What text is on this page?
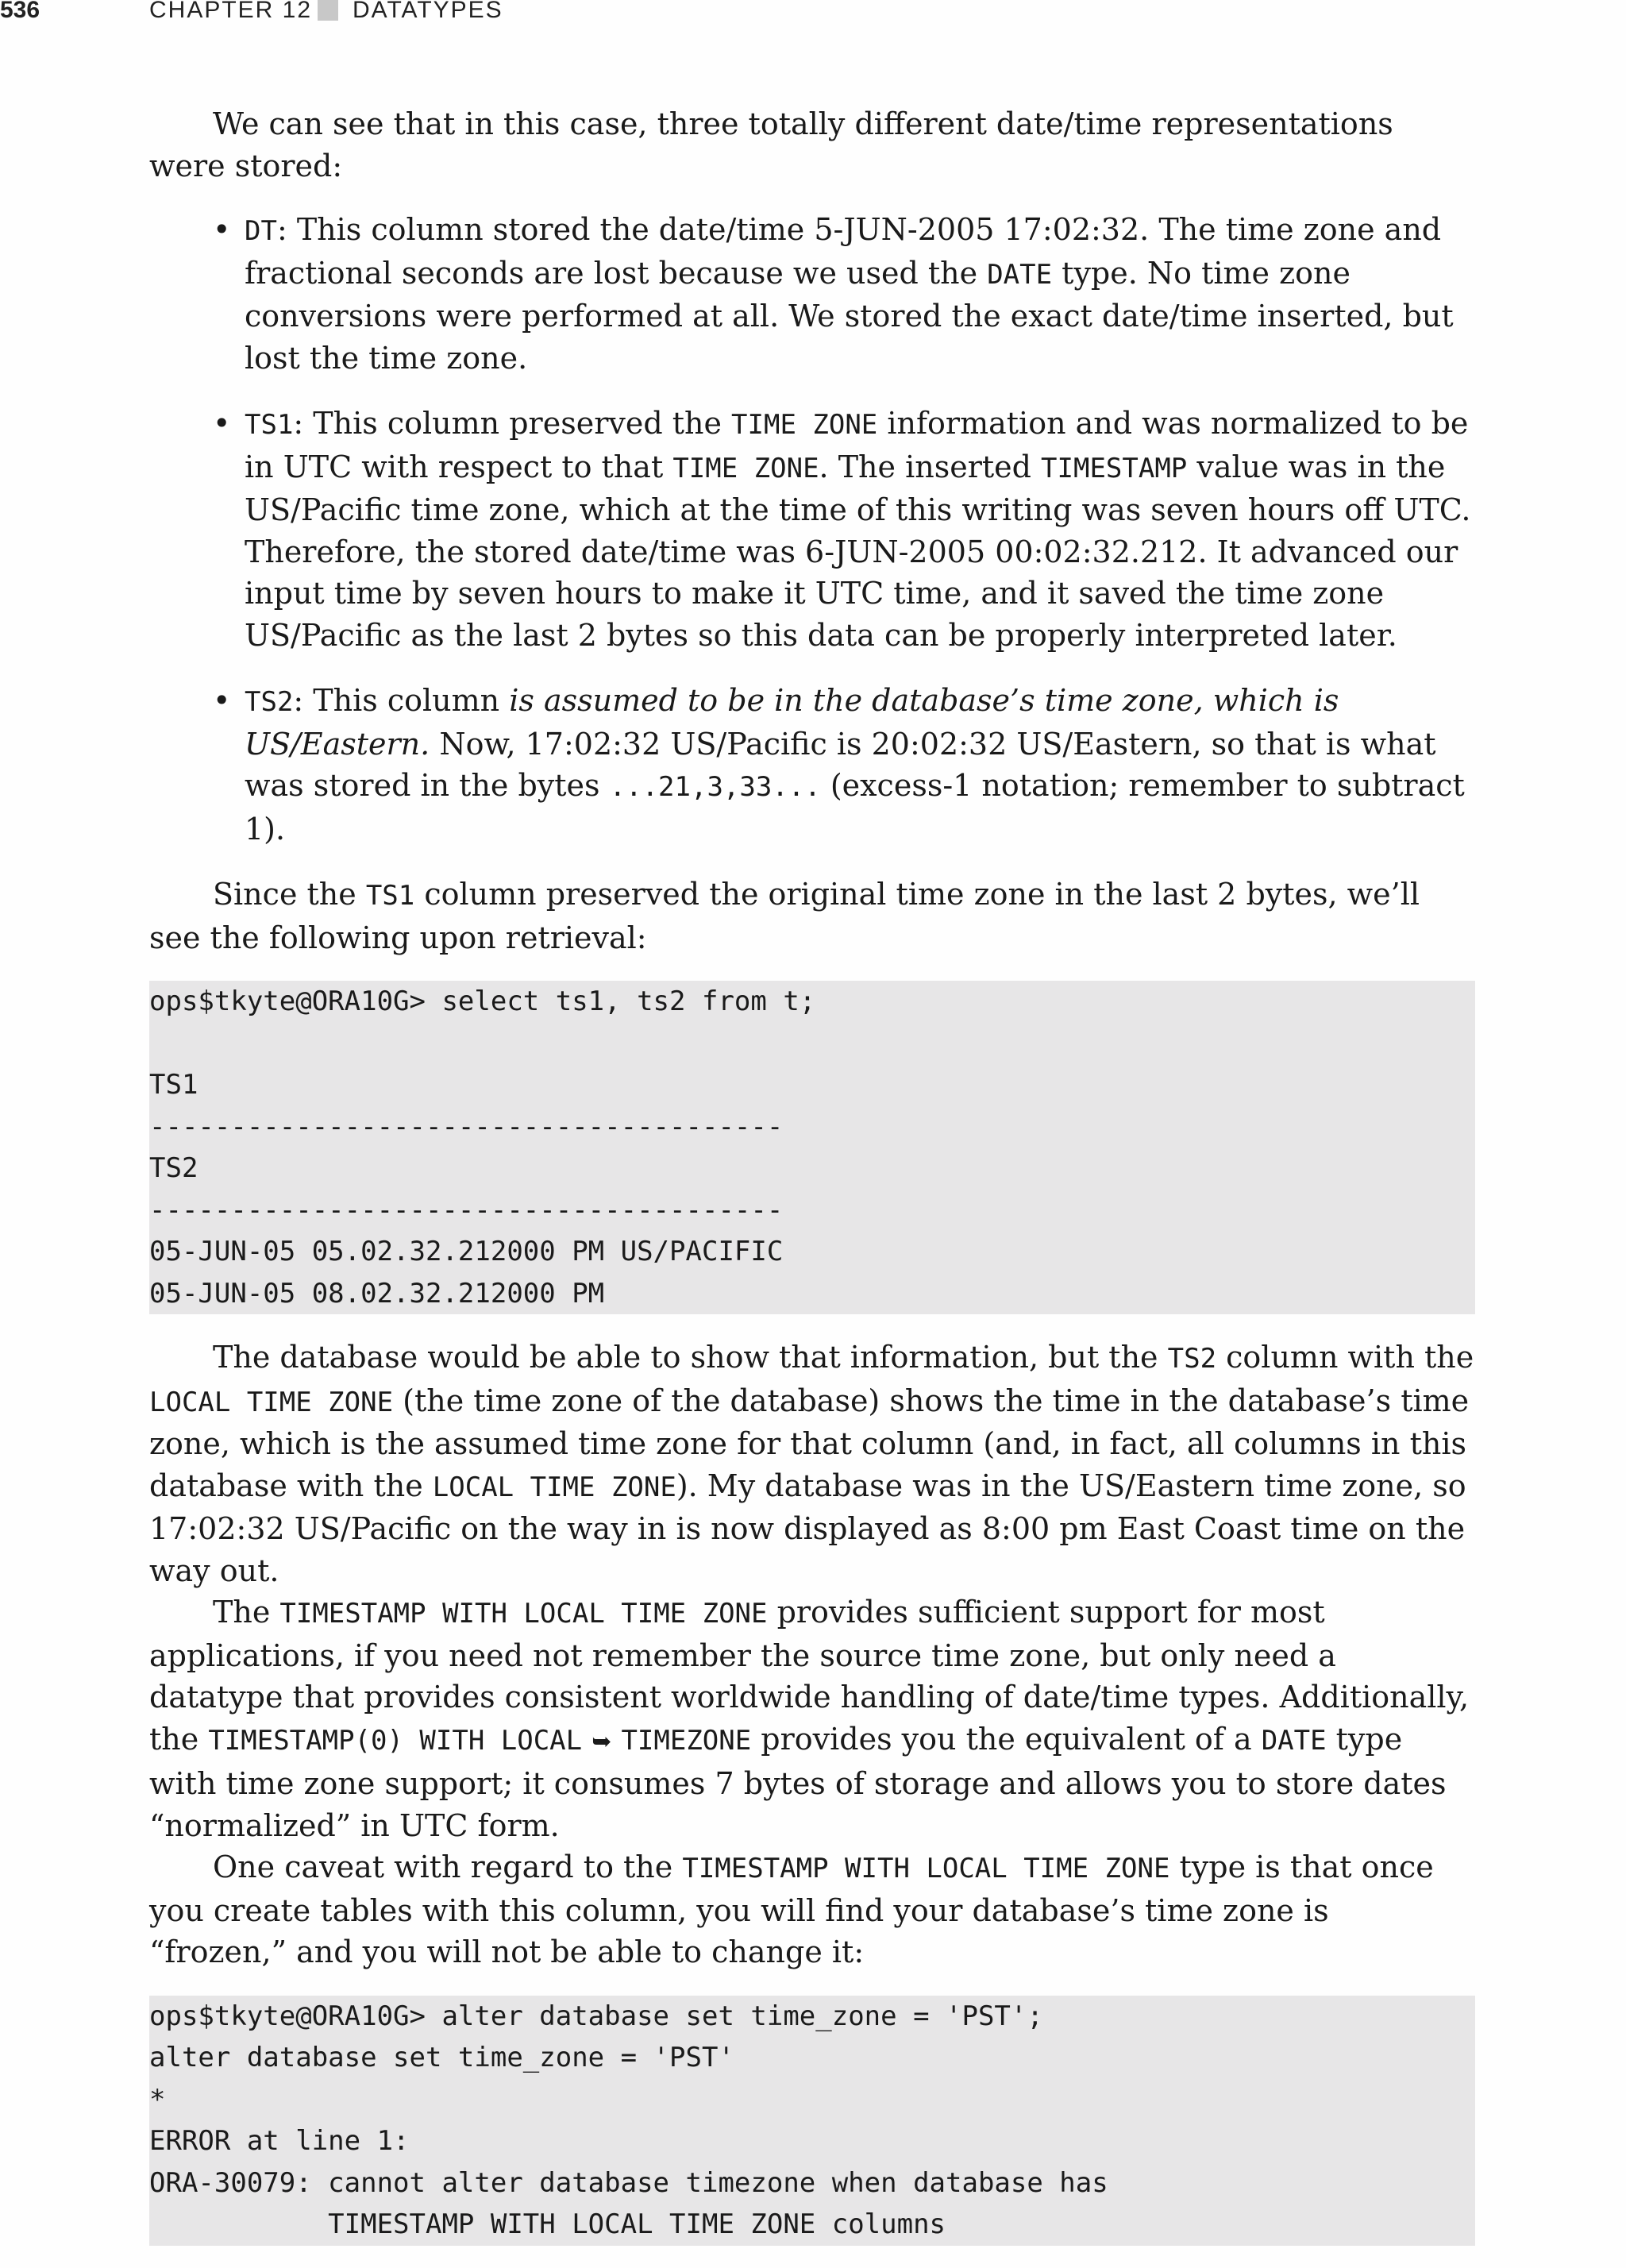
536	CHAPTER 12 DATATYPES

We can see that in this case, three totally different date/time representations were stored:

• DT: This column stored the date/time 5-JUN-2005 17:02:32. The time zone and fractional seconds are lost because we used the DATE type. No time zone conversions were performed at all. We stored the exact date/time inserted, but lost the time zone.
• TS1: This column preserved the TIME ZONE information and was normalized to be in UTC with respect to that TIME ZONE. The inserted TIMESTAMP value was in the US/Pacific time zone, which at the time of this writing was seven hours off UTC. Therefore, the stored date/time was 6-JUN-2005 00:02:32.212. It advanced our input time by seven hours to make it UTC time, and it saved the time zone US/Pacific as the last 2 bytes so this data can be properly interpreted later.
• TS2: This column is assumed to be in the database’s time zone, which is US/Eastern. Now, 17:02:32 US/Pacific is 20:02:32 US/Eastern, so that is what was stored in the bytes ...21,3,33... (excess-1 notation; remember to subtract 1).

Since the TS1 column preserved the original time zone in the last 2 bytes, we’ll see the following upon retrieval:

ops$tkyte@ORA10G> select ts1, ts2 from t;

TS1
---------------------------------------
TS2
---------------------------------------
05-JUN-05 05.02.32.212000 PM US/PACIFIC
05-JUN-05 08.02.32.212000 PM

The database would be able to show that information, but the TS2 column with the LOCAL TIME ZONE (the time zone of the database) shows the time in the database’s time zone, which is the assumed time zone for that column (and, in fact, all columns in this database with the LOCAL TIME ZONE). My database was in the US/Eastern time zone, so 17:02:32 US/Pacific on the way in is now displayed as 8:00 pm East Coast time on the way out.

The TIMESTAMP WITH LOCAL TIME ZONE provides sufficient support for most applications, if you need not remember the source time zone, but only need a datatype that provides consistent worldwide handling of date/time types. Additionally, the TIMESTAMP(0) WITH LOCAL ➥ TIMEZONE provides you the equivalent of a DATE type with time zone support; it consumes 7 bytes of storage and allows you to store dates “normalized” in UTC form.

One caveat with regard to the TIMESTAMP WITH LOCAL TIME ZONE type is that once you create tables with this column, you will find your database’s time zone is “frozen,” and you will not be able to change it:

ops$tkyte@ORA10G> alter database set time_zone = 'PST';
alter database set time_zone = 'PST'
*
ERROR at line 1:
ORA-30079: cannot alter database timezone when database has
TIMESTAMP WITH LOCAL TIME ZONE columns
